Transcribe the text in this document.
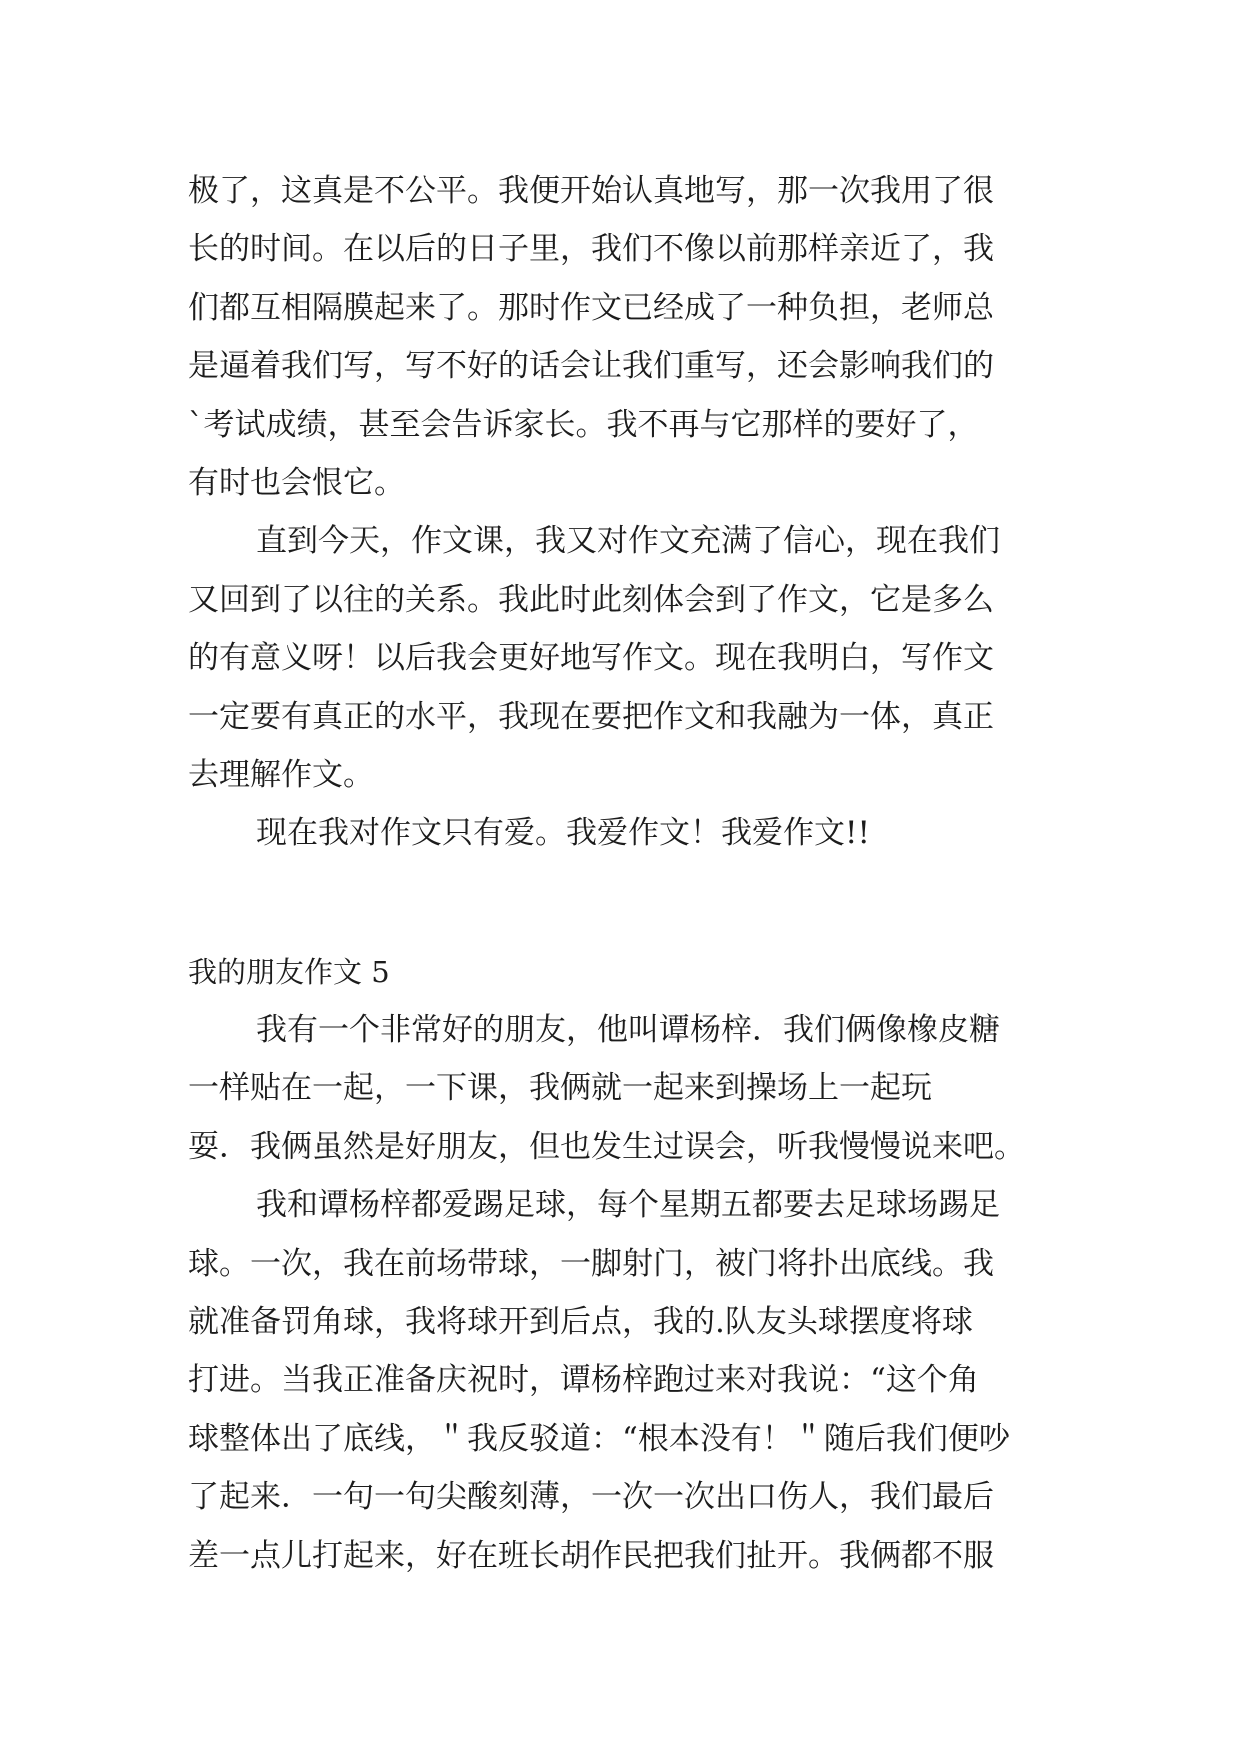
极了，这真是不公平。我便开始认真地写，那一次我用了很
长的时间。在以后的日子里，我们不像以前那样亲近了，我
们都互相隔膜起来了。那时作文已经成了一种负担，老师总
是逼着我们写，写不好的话会让我们重写，还会影响我们的
`考试成绩，甚至会告诉家长。我不再与它那样的要好了，
有时也会恨它。
直到今天，作文课，我又对作文充满了信心，现在我们
又回到了以往的关系。我此时此刻体会到了作文，它是多么
的有意义呀！以后我会更好地写作文。现在我明白，写作文
一定要有真正的水平，我现在要把作文和我融为一体，真正
去理解作文。
现在我对作文只有爱。我爱作文！我爱作文!!
我的朋友作文 5
我有一个非常好的朋友，他叫谭杨梓．我们俩像橡皮糖
一样贴在一起，一下课，我俩就一起来到操场上一起玩
耍．我俩虽然是好朋友，但也发生过误会，听我慢慢说来吧。
我和谭杨梓都爱踢足球，每个星期五都要去足球场踢足
球。一次，我在前场带球，一脚射门，被门将扑出底线。我
就准备罚角球，我将球开到后点，我的.队友头球摆度将球
打进。当我正准备庆祝时，谭杨梓跑过来对我说：“这个角
球整体出了底线，＂我反驳道：“根本没有！＂随后我们便吵
了起来．一句一句尖酸刻薄，一次一次出口伤人，我们最后
差一点儿打起来，好在班长胡作民把我们扯开。我俩都不服
